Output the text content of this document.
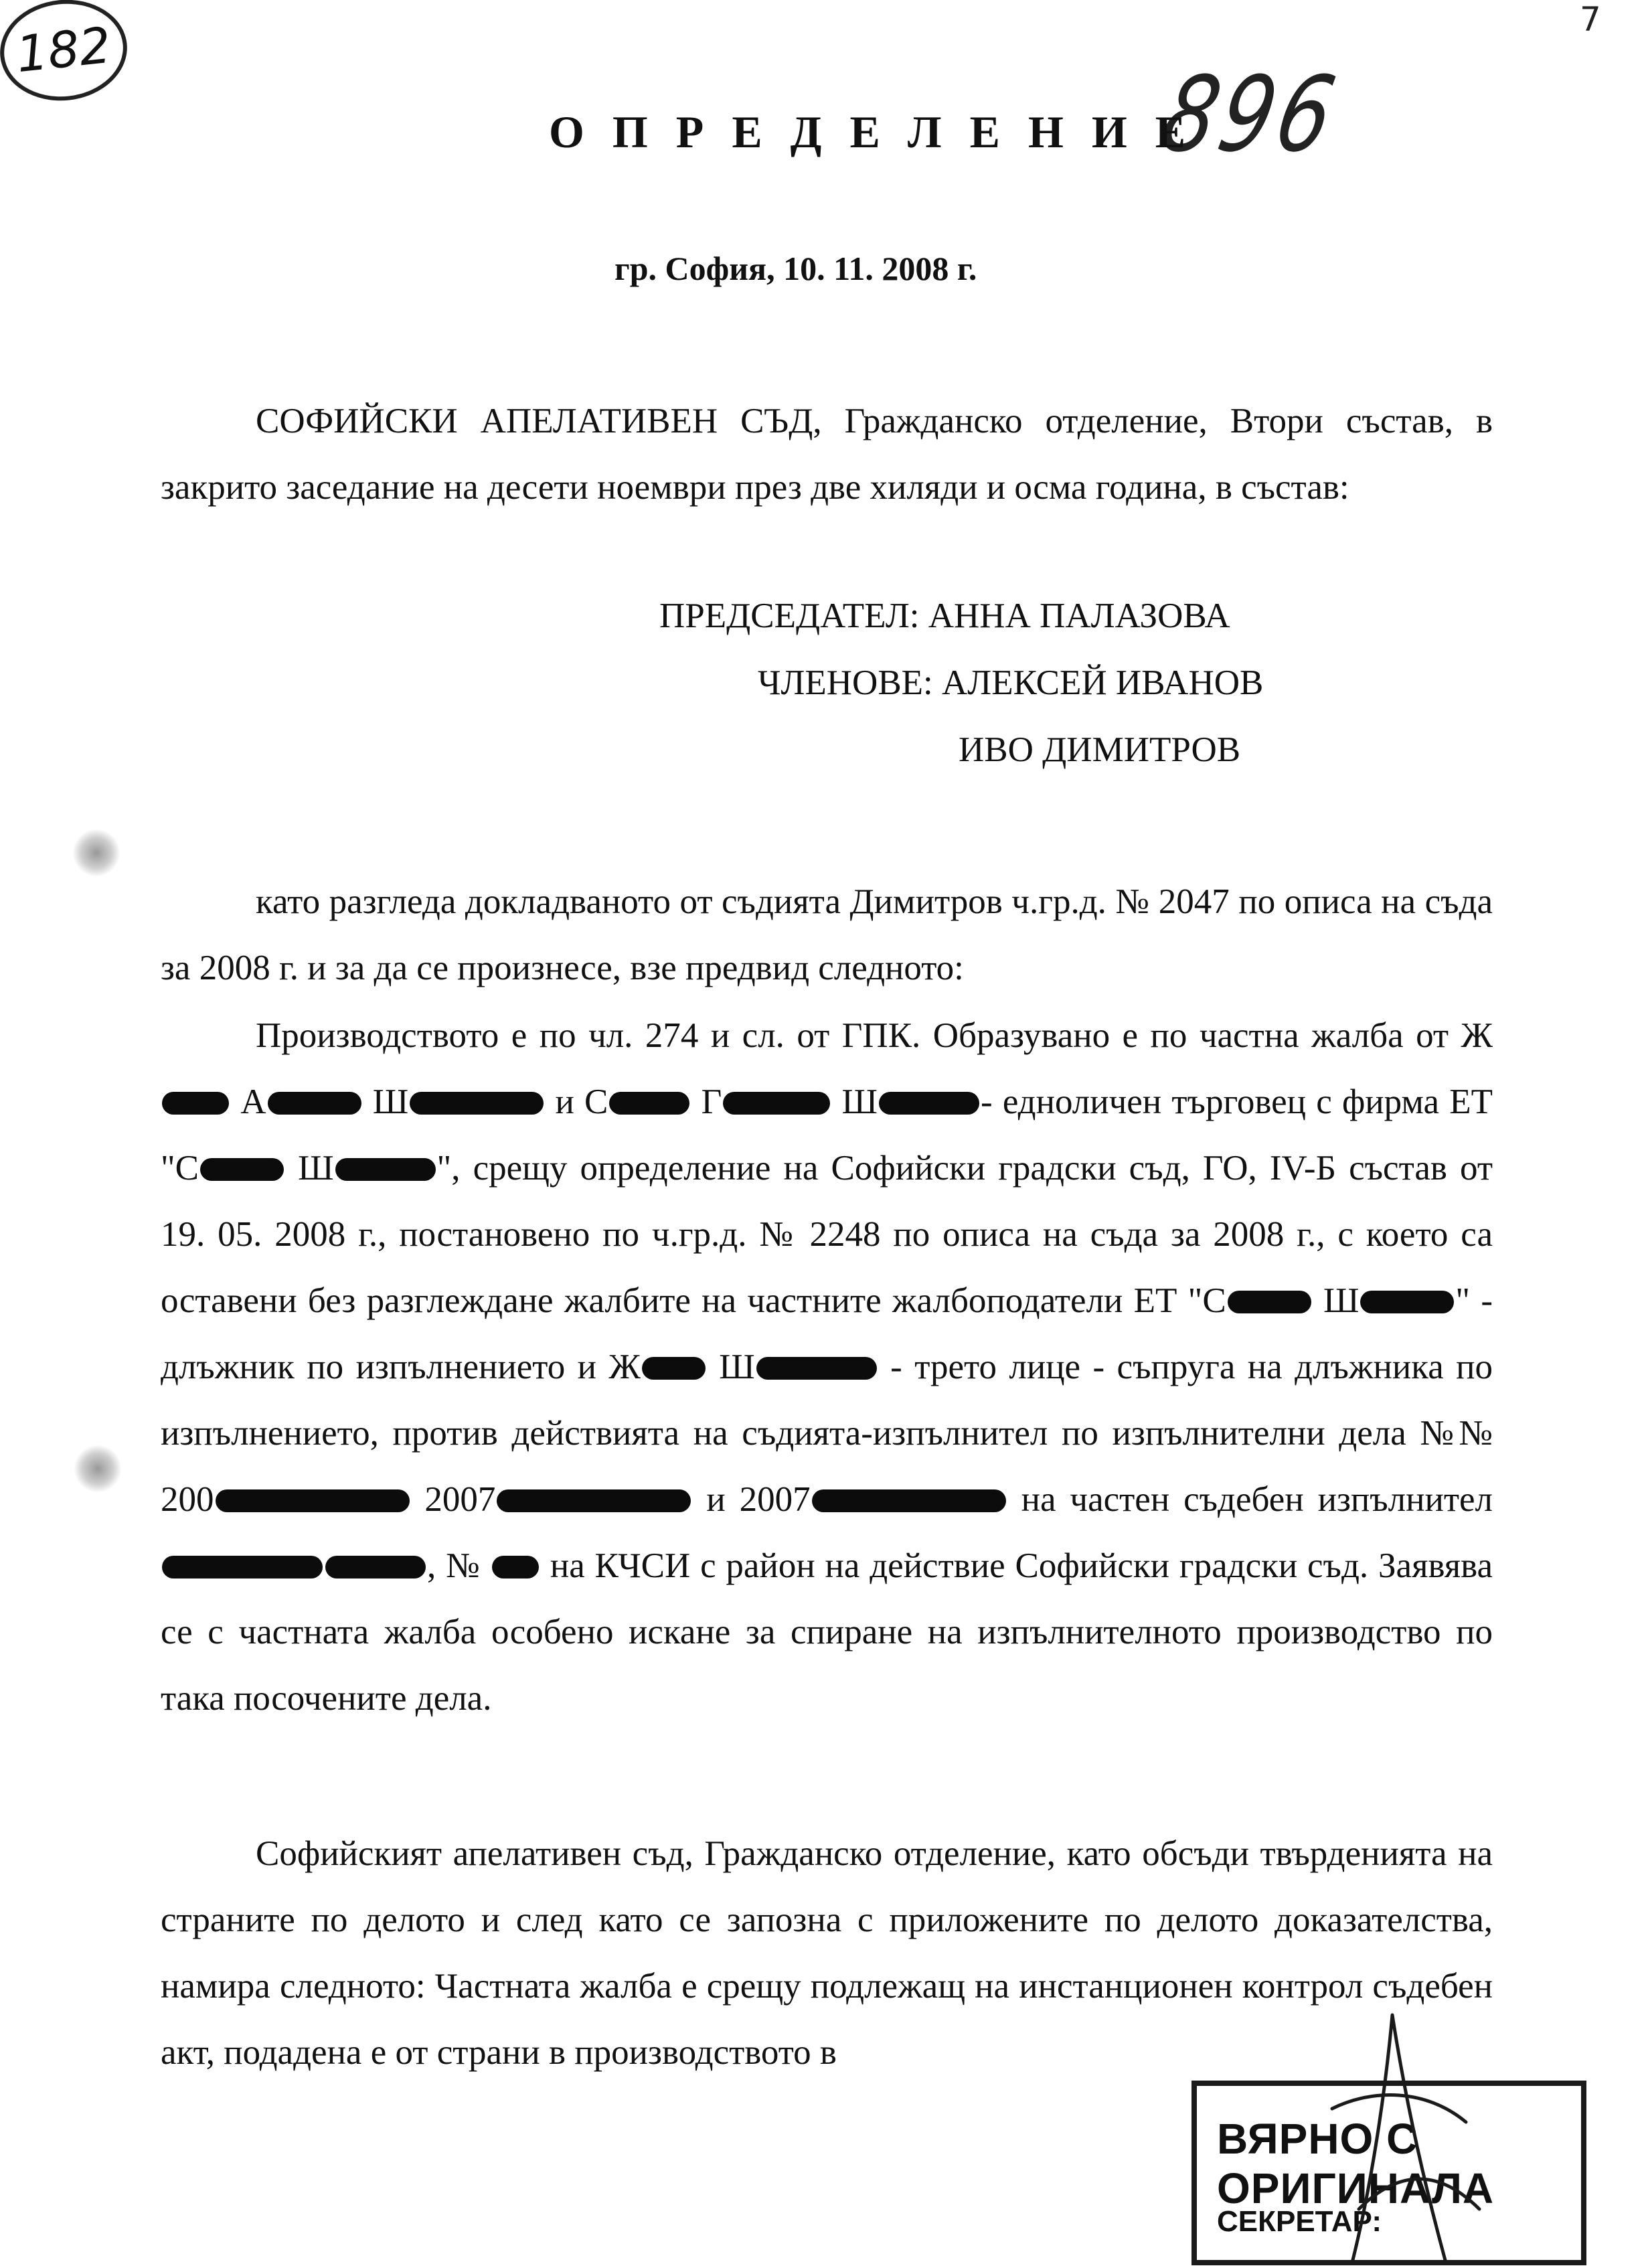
7
896
182
ОПРЕДЕЛЕНИЕ
гр. София, 10. 11. 2008 г.
СОФИЙСКИ АПЕЛАТИВЕН СЪД, Гражданско отделение, Втори състав, в закрито заседание на десети ноември през две хиляди и осма година, в състав:
ПРЕДСЕДАТЕЛ: АННА ПАЛАЗОВА
ЧЛЕНОВЕ: АЛЕКСЕЙ ИВАНОВ
ИВО ДИМИТРОВ
като разгледа докладваното от съдията Димитров ч.гр.д. № 2047 по описа на съда за 2008 г. и за да се произнесе, взе предвид следното:
Производството е по чл. 274 и сл. от ГПК. Образувано е по частна жалба от Ж А	Ш	и С Г	Ш	- едноличен търговец с фирма ЕТ "С Ш	", срещу определение на Софийски градски съд, ГО, IV-Б състав от 19. 05. 2008 г., постановено по ч.гр.д. № 2248 по описа на съда за 2008 г., с което са оставени без разглеждане жалбите на частните жалбоподатели ЕТ "С Ш	" - длъжник по изпълнението и Ж Ш	- трето лице - съпруга на длъжника по изпълнението, против действията на съдията-изпълнител по изпълнителни дела №№ 200	2007	и 2007	на частен съдебен изпълнител , №  на КЧСИ с район на действие Софийски градски съд. Заявява се с частната жалба особено искане за спиране на изпълнителното производство по така посочените дела.
Софийският апелативен съд, Гражданско отделение, като обсъди твърденията на страните по делото и след като се запозна с приложените по делото доказателства, намира следното: Частната жалба е срещу подлежащ на инстанционен контрол съдебен акт, подадена е от страни в производството в
ВЯРНО С ОРИГИНАЛА
СЕКРЕТАР:
